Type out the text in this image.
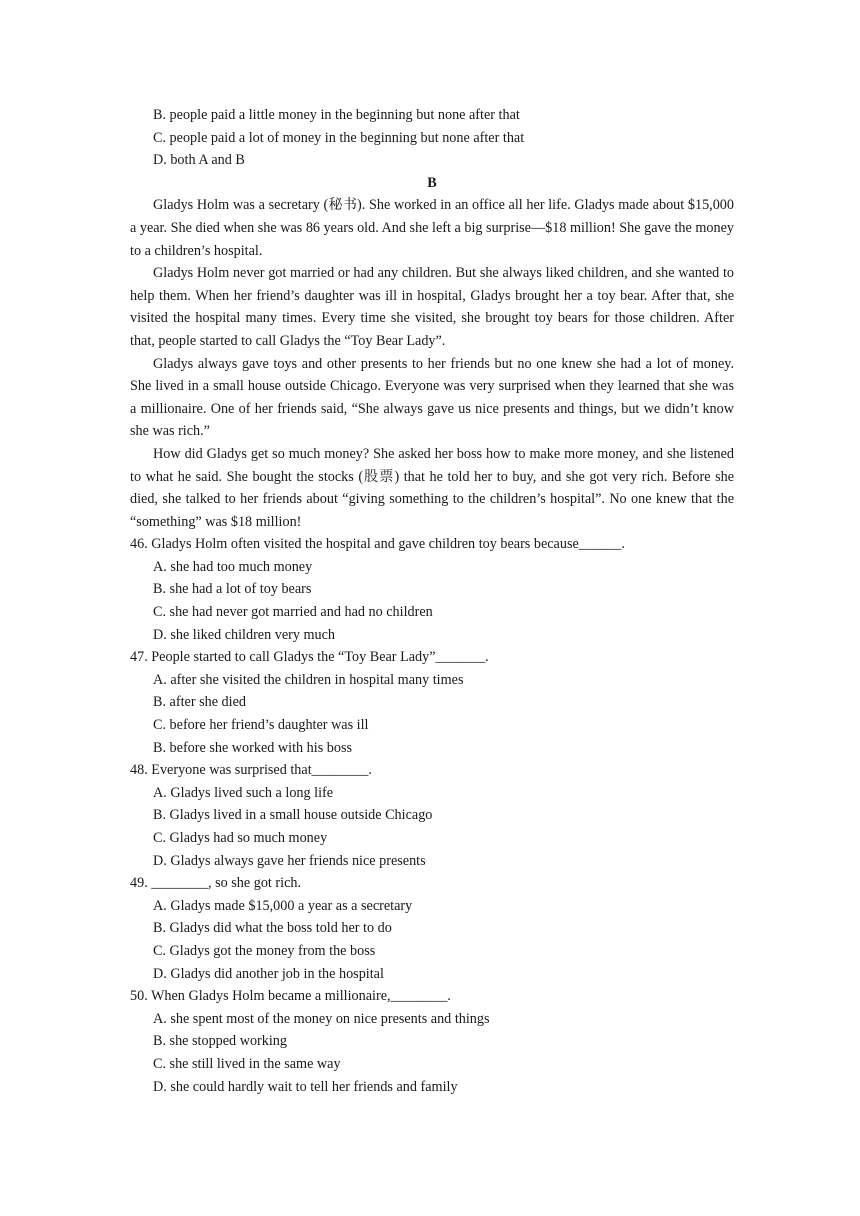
B. people paid a little money in the beginning but none after that

C. people paid a lot of money in the beginning but none after that

D. both A and B

B

Gladys Holm was a secretary (秘书). She worked in an office all her life. Gladys made about $15,000 a year. She died when she was 86 years old. And she left a big surprise—$18 million! She gave the money to a children’s hospital.

Gladys Holm never got married or had any children. But she always liked children, and she wanted to help them. When her friend’s daughter was ill in hospital, Gladys brought her a toy bear. After that, she visited the hospital many times. Every time she visited, she brought toy bears for those children. After that, people started to call Gladys the “Toy Bear Lady”.

Gladys always gave toys and other presents to her friends but no one knew she had a lot of money. She lived in a small house outside Chicago. Everyone was very surprised when they learned that she was a millionaire. One of her friends said, “She always gave us nice presents and things, but we didn’t know she was rich.”

How did Gladys get so much money? She asked her boss how to make more money, and she listened to what he said. She bought the stocks (股票) that he told her to buy, and she got very rich. Before she died, she talked to her friends about “giving something to the children’s hospital”. No one knew that the “something” was $18 million!

46. Gladys Holm often visited the hospital and gave children toy bears because______.

A. she had too much money

B. she had a lot of toy bears

C. she had never got married and had no children

D. she liked children very much

47. People started to call Gladys the “Toy Bear Lady”_______.

A. after she visited the children in hospital many times

B. after she died

C. before her friend’s daughter was ill

B. before she worked with his boss

48. Everyone was surprised that________.

A. Gladys lived such a long life

B. Gladys lived in a small house outside Chicago

C. Gladys had so much money

D. Gladys always gave her friends nice presents

49. ________, so she got rich.

A. Gladys made $15,000 a year as a secretary

B. Gladys did what the boss told her to do

C. Gladys got the money from the boss

D. Gladys did another job in the hospital

50. When Gladys Holm became a millionaire,________.

A. she spent most of the money on nice presents and things

B. she stopped working

C. she still lived in the same way

D. she could hardly wait to tell her friends and family
